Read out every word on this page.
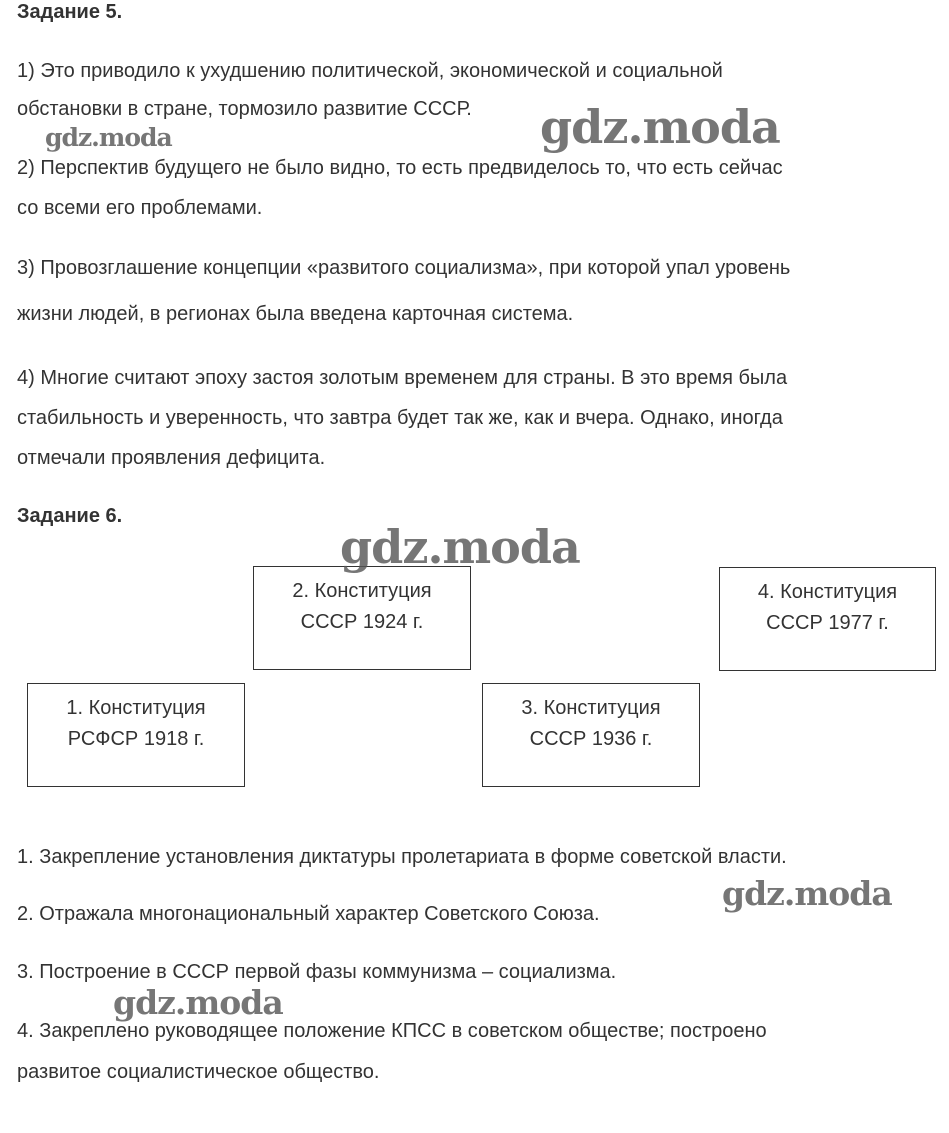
Задание 5.

1) Это приводило к ухудшению политической, экономической и социальной

обстановки в стране, тормозило развитие СССР.

2) Перспектив будущего не было видно, то есть предвиделось то, что есть сейчас

со всеми его проблемами.

3) Провозглашение концепции «развитого социализма», при которой упал уровень

жизни людей, в регионах была введена карточная система.

4) Многие считают эпоху застоя золотым временем для страны. В это время была

стабильность и уверенность, что завтра будет так же, как и вчера. Однако, иногда

отмечали проявления дефицита.

Задание 6.
1. Конституция
РСФСР 1918 г.
2. Конституция
СССР 1924 г.
3. Конституция
СССР 1936 г.
4. Конституция
СССР 1977 г.

1. Закрепление установления диктатуры пролетариата в форме советской власти.

2. Отражала многонациональный характер Советского Союза.

3. Построение в СССР первой фазы коммунизма – социализма.

4. Закреплено руководящее положение КПСС в советском обществе; построено

развитое социалистическое общество.

gdz.moda	gdz.moda
gdz.moda
gdz.moda
gdz.moda
